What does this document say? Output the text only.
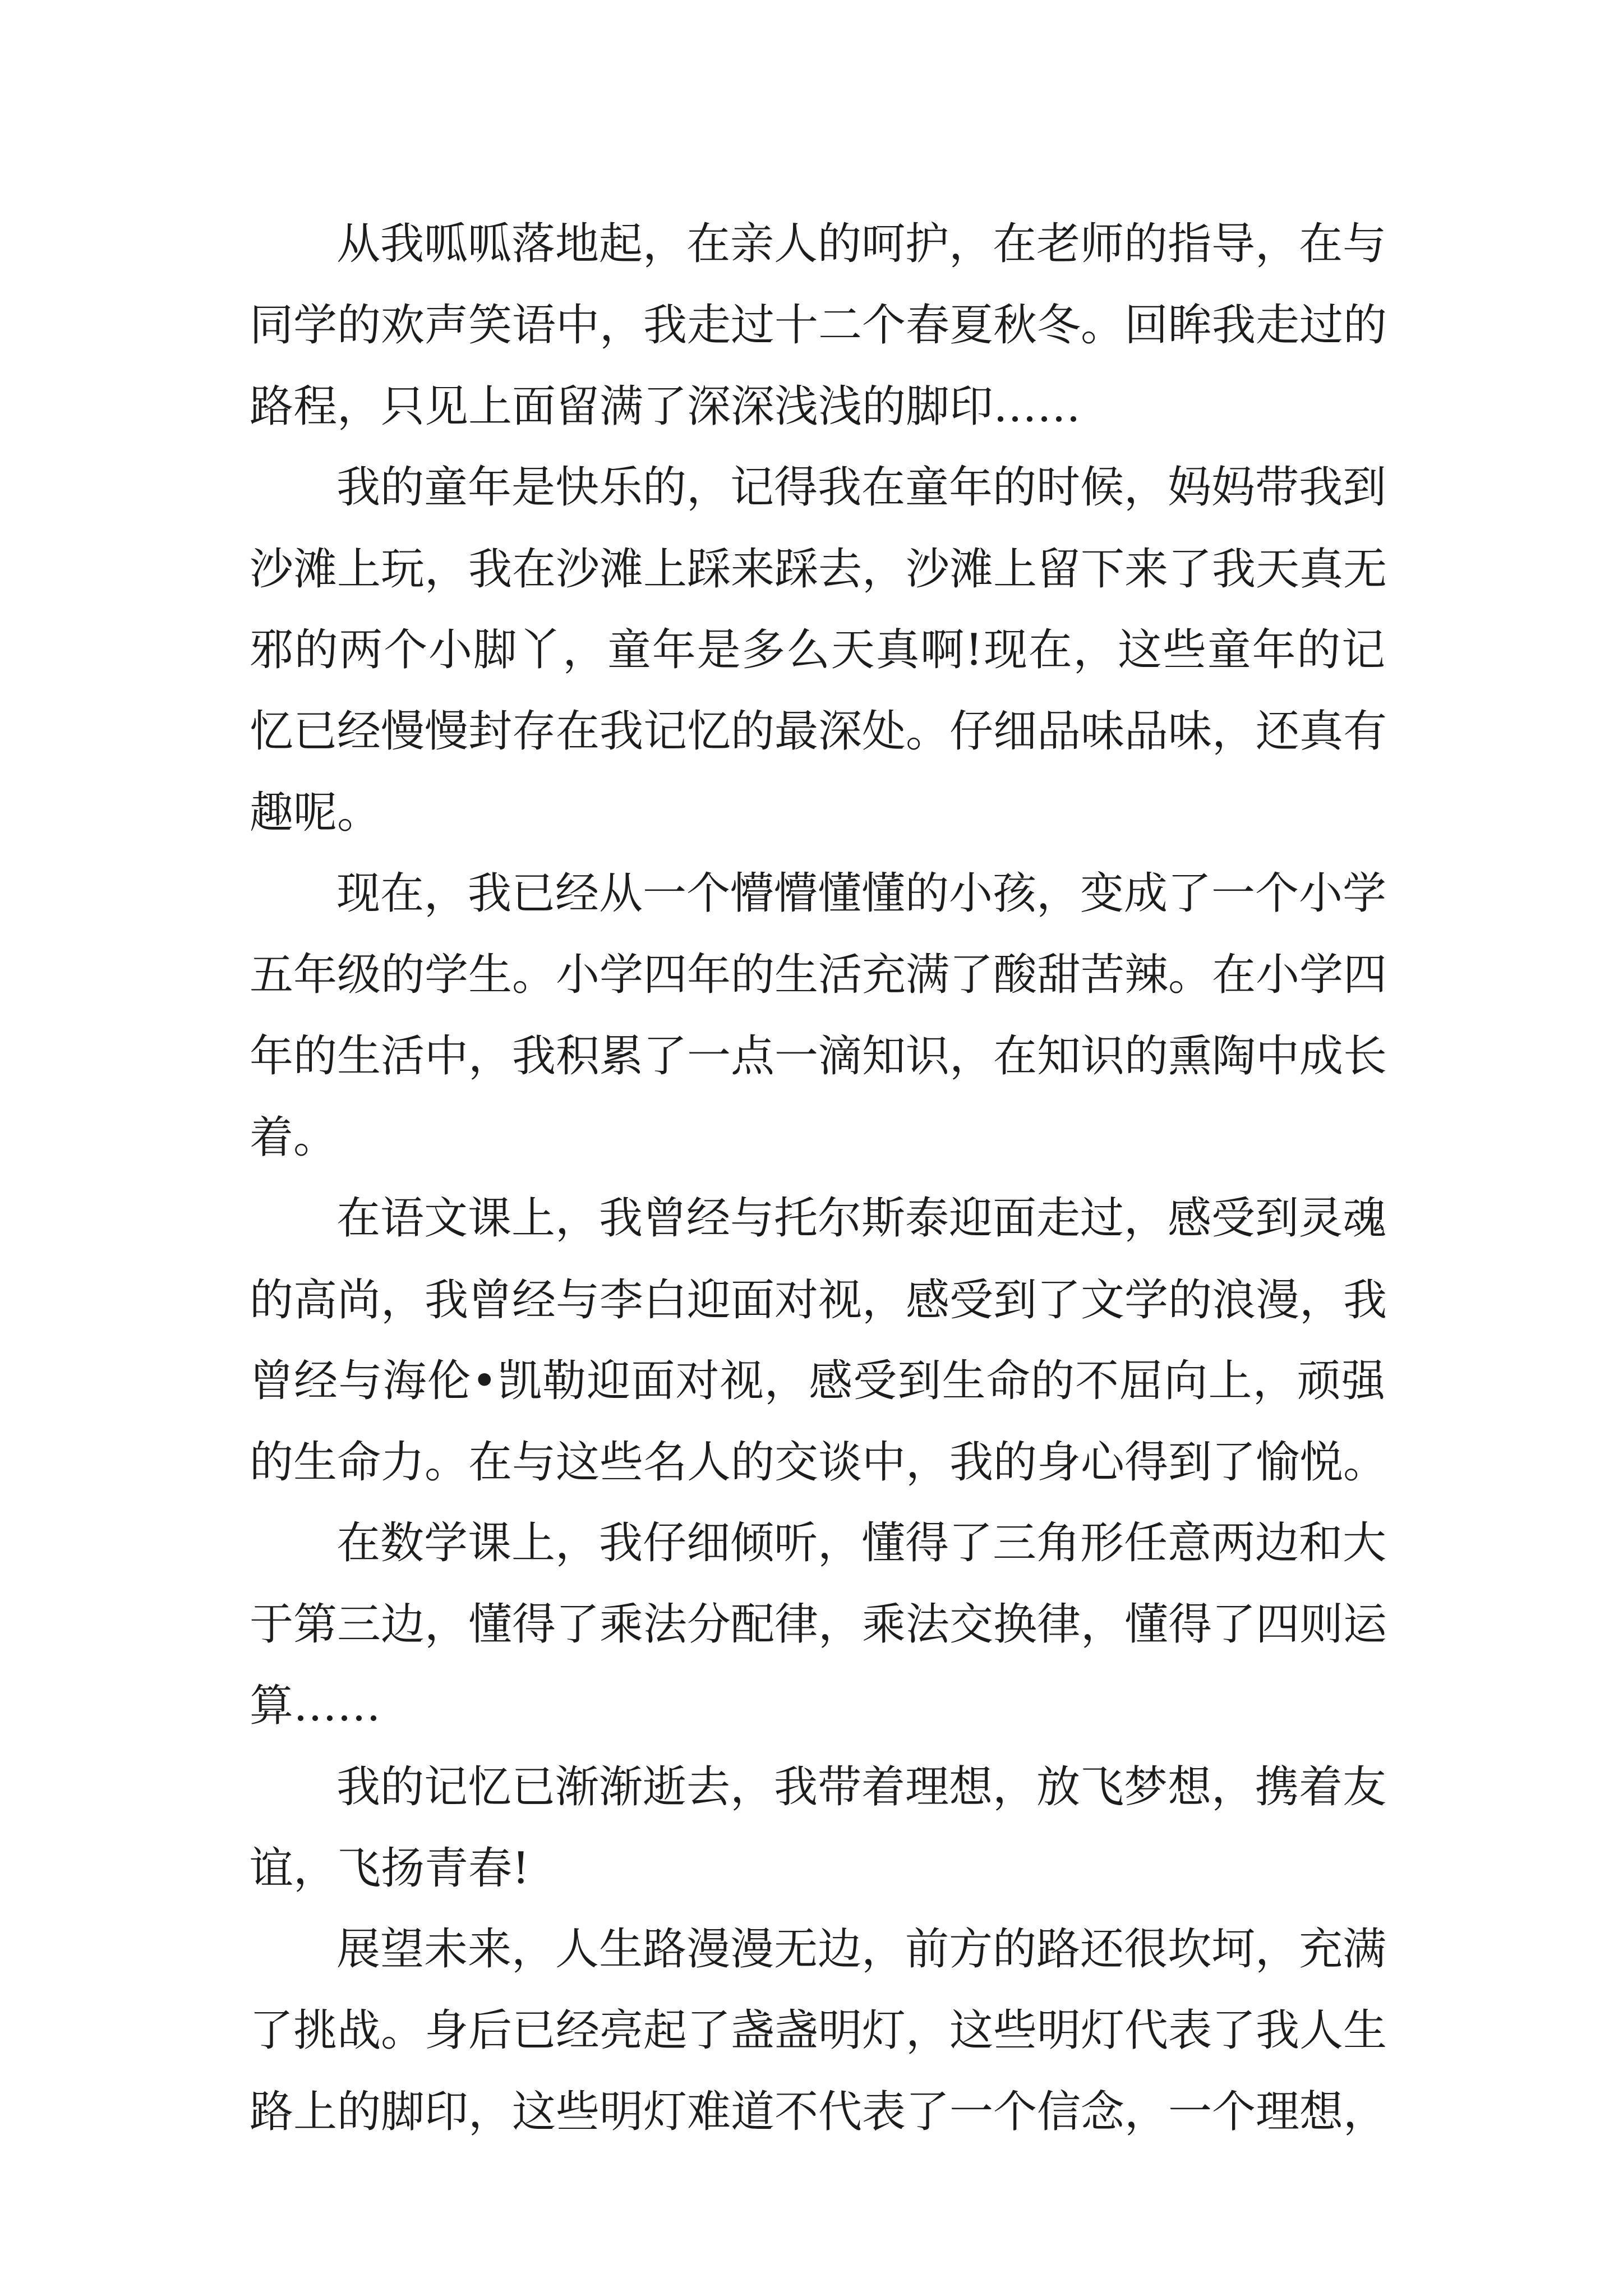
从我呱呱落地起，在亲人的呵护，在老师的指导，在与
同学的欢声笑语中，我走过十二个春夏秋冬。回眸我走过的
路程，只见上面留满了深深浅浅的脚印……
我的童年是快乐的，记得我在童年的时候，妈妈带我到
沙滩上玩，我在沙滩上踩来踩去，沙滩上留下来了我天真无
邪的两个小脚丫，童年是多么天真啊!现在，这些童年的记
忆已经慢慢封存在我记忆的最深处。仔细品味品味，还真有
趣呢。
现在，我已经从一个懵懵懂懂的小孩，变成了一个小学
五年级的学生。小学四年的生活充满了酸甜苦辣。在小学四
年的生活中，我积累了一点一滴知识，在知识的熏陶中成长
着。
在语文课上，我曾经与托尔斯泰迎面走过，感受到灵魂
的高尚，我曾经与李白迎面对视，感受到了文学的浪漫，我
曾经与海伦•凯勒迎面对视，感受到生命的不屈向上，顽强
的生命力。在与这些名人的交谈中，我的身心得到了愉悦。
在数学课上，我仔细倾听，懂得了三角形任意两边和大
于第三边，懂得了乘法分配律，乘法交换律，懂得了四则运
算……
我的记忆已渐渐逝去，我带着理想，放飞梦想，携着友
谊，飞扬青春!
展望未来，人生路漫漫无边，前方的路还很坎坷，充满
了挑战。身后已经亮起了盏盏明灯，这些明灯代表了我人生
路上的脚印，这些明灯难道不代表了一个信念，一个理想，
